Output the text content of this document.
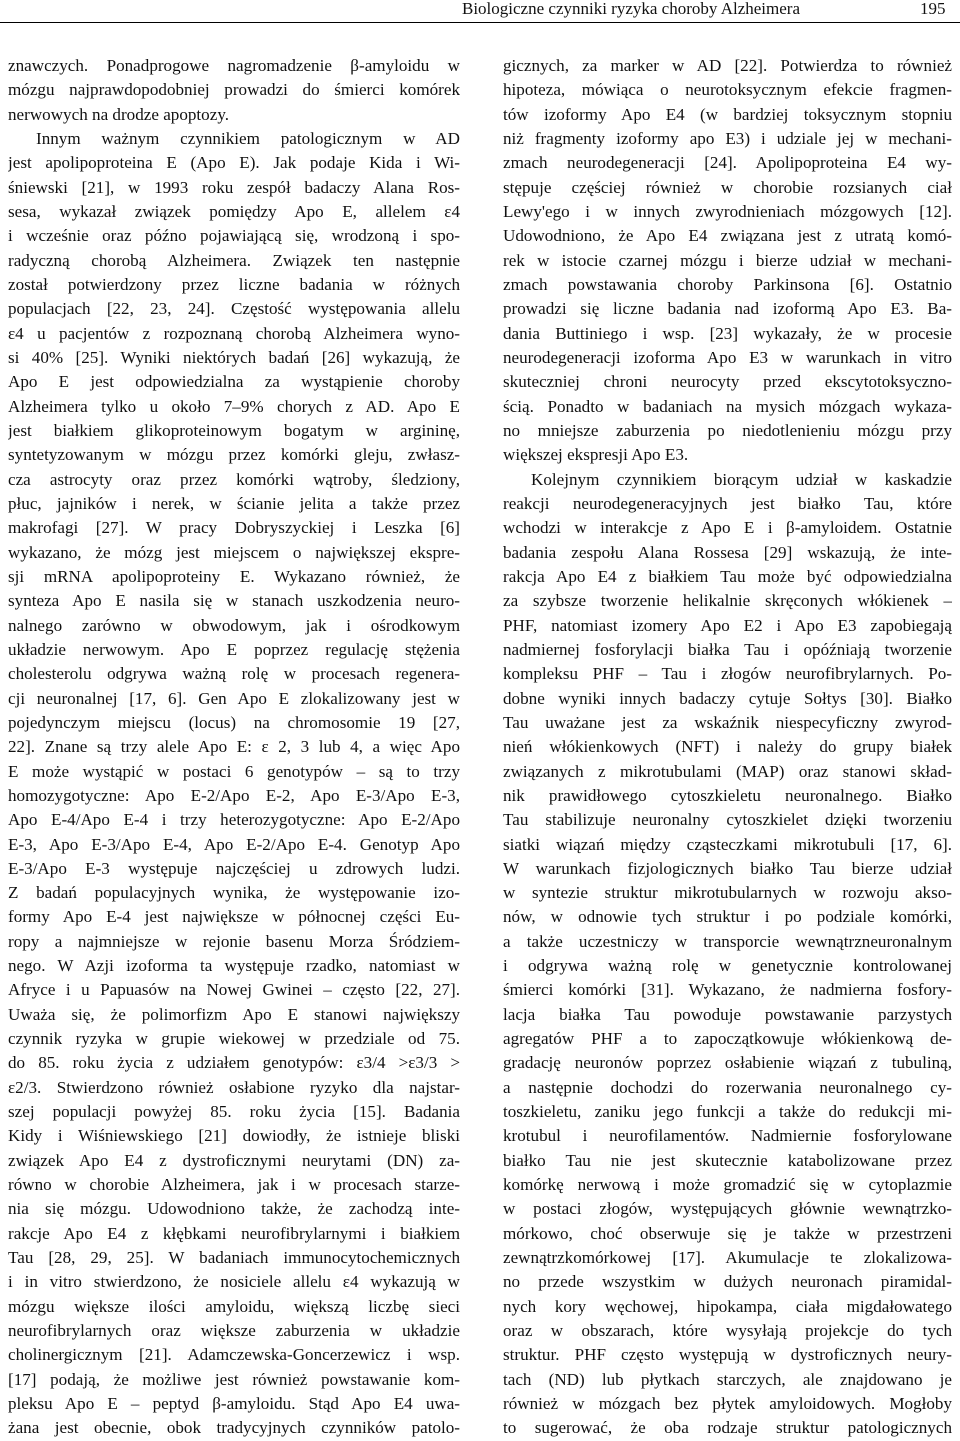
Biologiczne czynniki ryzyka choroby Alzheimera	195
znawczych. Ponadprogowe nagromadzenie β-amyloidu w
mózgu najprawdopodobniej prowadzi do śmierci komórek
nerwowych na drodze apoptozy.
Innym ważnym czynnikiem patologicznym w AD
jest apolipoproteina E (Apo E). Jak podaje Kida i Wi-
śniewski [21], w 1993 roku zespół badaczy Alana Ros-
sesa, wykazał związek pomiędzy Apo E, allelem ε4
i wcześnie oraz późno pojawiającą się, wrodzoną i spo-
radyczną chorobą Alzheimera. Związek ten następnie
został potwierdzony przez liczne badania w różnych
populacjach [22, 23, 24]. Częstość występowania allelu
ε4 u pacjentów z rozpoznaną chorobą Alzheimera wyno-
si 40% [25]. Wyniki niektórych badań [26] wykazują, że
Apo E jest odpowiedzialna za wystąpienie choroby
Alzheimera tylko u około 7–9% chorych z AD. Apo E
jest białkiem glikoproteinowym bogatym w argininę,
syntetyzowanym w mózgu przez komórki gleju, zwłasz-
cza astrocyty oraz przez komórki wątroby, śledziony,
płuc, jajników i nerek, w ścianie jelita a także przez
makrofagi [27]. W pracy Dobryszyckiej i Leszka [6]
wykazano, że mózg jest miejscem o największej ekspre-
sji mRNA apolipoproteiny E. Wykazano również, że
synteza Apo E nasila się w stanach uszkodzenia neuro-
nalnego zarówno w obwodowym, jak i ośrodkowym
układzie nerwowym. Apo E poprzez regulację stężenia
cholesterolu odgrywa ważną rolę w procesach regenera-
cji neuronalnej [17, 6]. Gen Apo E zlokalizowany jest w
pojedynczym miejscu (locus) na chromosomie 19 [27,
22]. Znane są trzy alele Apo E: ε 2, 3 lub 4, a więc Apo
E może wystąpić w postaci 6 genotypów – są to trzy
homozygotyczne: Apo E-2/Apo E-2, Apo E-3/Apo E-3,
Apo E-4/Apo E-4 i trzy heterozygotyczne: Apo E-2/Apo
E-3, Apo E-3/Apo E-4, Apo E-2/Apo E-4. Genotyp Apo
E-3/Apo E-3 występuje najczęściej u zdrowych ludzi.
Z badań populacyjnych wynika, że występowanie izo-
formy Apo E-4 jest największe w północnej części Eu-
ropy a najmniejsze w rejonie basenu Morza Śródziem-
nego. W Azji izoforma ta występuje rzadko, natomiast w
Afryce i u Papuasów na Nowej Gwinei – często [22, 27].
Uważa się, że polimorfizm Apo E stanowi największy
czynnik ryzyka w grupie wiekowej w przedziale od 75.
do 85. roku życia z udziałem genotypów: ε3/4 >ε3/3 >
ε2/3. Stwierdzono również osłabione ryzyko dla najstar-
szej populacji powyżej 85. roku życia [15]. Badania
Kidy i Wiśniewskiego [21] dowiodły, że istnieje bliski
związek Apo E4 z dystroficznymi neurytami (DN) za-
równo w chorobie Alzheimera, jak i w procesach starze-
nia się mózgu. Udowodniono także, że zachodzą inte-
rakcje Apo E4 z kłębkami neurofibrylarnymi i białkiem
Tau [28, 29, 25]. W badaniach immunocytochemicznych
i in vitro stwierdzono, że nosiciele allelu ε4 wykazują w
mózgu większe ilości amyloidu, większą liczbę sieci
neurofibrylarnych oraz większe zaburzenia w układzie
cholinergicznym [21]. Adamczewska-Goncerzewicz i wsp.
[17] podają, że możliwe jest również powstawanie kom-
pleksu Apo E – peptyd β-amyloidu. Stąd Apo E4 uwa-
żana jest obecnie, obok tradycyjnych czynników patolo-
gicznych, za marker w AD [22]. Potwierdza to również
hipoteza, mówiąca o neurotoksycznym efekcie fragmen-
tów izoformy Apo E4 (w bardziej toksycznym stopniu
niż fragmenty izoformy apo E3) i udziale jej w mechani-
zmach neurodegeneracji [24]. Apolipoproteina E4 wy-
stępuje częściej również w chorobie rozsianych ciał
Lewy'ego i w innych zwyrodnieniach mózgowych [12].
Udowodniono, że Apo E4 związana jest z utratą komó-
rek w istocie czarnej mózgu i bierze udział w mechani-
zmach powstawania choroby Parkinsona [6]. Ostatnio
prowadzi się liczne badania nad izoformą Apo E3. Ba-
dania Buttiniego i wsp. [23] wykazały, że w procesie
neurodegeneracji izoforma Apo E3 w warunkach in vitro
skuteczniej chroni neurocyty przed ekscytotoksyczno-
ścią. Ponadto w badaniach na mysich mózgach wykaza-
no mniejsze zaburzenia po niedotlenieniu mózgu przy
większej ekspresji Apo E3.
Kolejnym czynnikiem biorącym udział w kaskadzie
reakcji neurodegeneracyjnych jest białko Tau, które
wchodzi w interakcje z Apo E i β-amyloidem. Ostatnie
badania zespołu Alana Rossesa [29] wskazują, że inte-
rakcja Apo E4 z białkiem Tau może być odpowiedzialna
za szybsze tworzenie helikalnie skręconych włókienek –
PHF, natomiast izomery Apo E2 i Apo E3 zapobiegają
nadmiernej fosforylacji białka Tau i opóźniają tworzenie
kompleksu PHF – Tau i złogów neurofibrylarnych. Po-
dobne wyniki innych badaczy cytuje Sołtys [30]. Białko
Tau uważane jest za wskaźnik niespecyficzny zwyrod-
nień włókienkowych (NFT) i należy do grupy białek
związanych z mikrotubulami (MAP) oraz stanowi skład-
nik prawidłowego cytoszkieletu neuronalnego. Białko
Tau stabilizuje neuronalny cytoszkielet dzięki tworzeniu
siatki wiązań między cząsteczkami mikrotubuli [17, 6].
W warunkach fizjologicznych białko Tau bierze udział
w syntezie struktur mikrotubularnych w rozwoju akso-
nów, w odnowie tych struktur i po podziale komórki,
a także uczestniczy w transporcie wewnątrzneuronalnym
i odgrywa ważną rolę w genetycznie kontrolowanej
śmierci komórki [31]. Wykazano, że nadmierna fosfory-
lacja białka Tau powoduje powstawanie parzystych
agregatów PHF a to zapoczątkowuje włókienkową de-
gradację neuronów poprzez osłabienie wiązań z tubuliną,
a następnie dochodzi do rozerwania neuronalnego cy-
toszkieletu, zaniku jego funkcji a także do redukcji mi-
krotubul i neurofilamentów. Nadmiernie fosforylowane
białko Tau nie jest skutecznie katabolizowane przez
komórkę nerwową i może gromadzić się w cytoplazmie
w postaci złogów, występujących głównie wewnątrzko-
mórkowo, choć obserwuje się je także w przestrzeni
zewnątrzkomórkowej [17]. Akumulacje te zlokalizowa-
no przede wszystkim w dużych neuronach piramidal-
nych kory węchowej, hipokampa, ciała migdałowatego
oraz w obszarach, które wysyłają projekcje do tych
struktur. PHF często występują w dystroficznych neury-
tach (ND) lub płytkach starczych, ale znajdowano je
również w mózgach bez płytek amyloidowych. Mogłoby
to sugerować, że oba rodzaje struktur patologicznych
